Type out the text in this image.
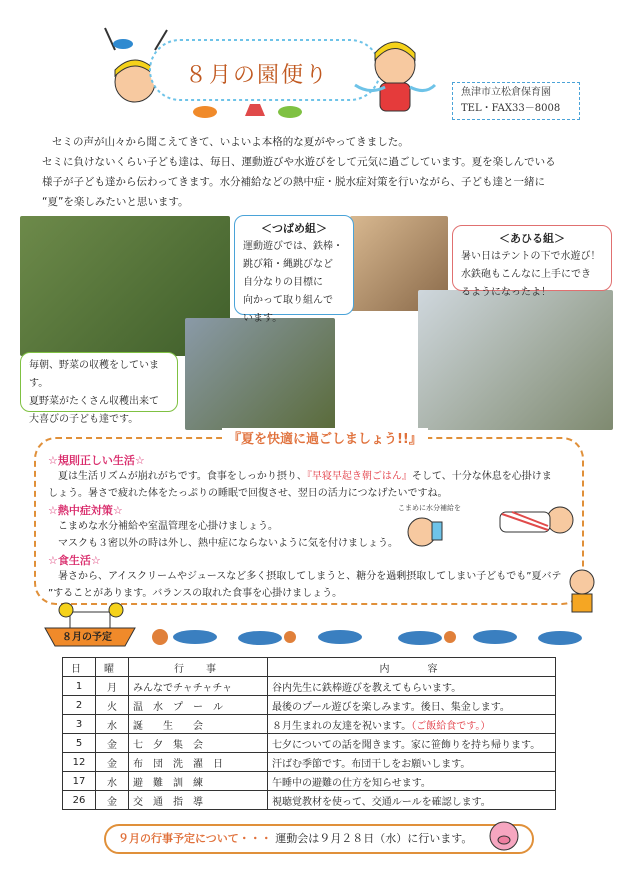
８月の園便り
魚津市立松倉保育園
TEL・FAX33－8008

セミの声が山々から聞こえてきて、いよいよ本格的な夏がやってきました。

セミに負けないくらい子ども達は、毎日、運動遊びや水遊びをして元気に過ごしています。夏を楽しんでいる

様子が子ども達から伝わってきます。水分補給などの熱中症・脱水症対策を行いながら、子ども達と一緒に

“夏”を楽しみたいと思います。

＜つばめ組＞
運動遊びでは、鉄棒・
跳び箱・縄跳びなど
自分なりの目標に
向かって取り組んで
います。
＜あひる組＞
暑い日はテントの下で水遊び！
水鉄砲もこんなに上手にでき
るようになったよ！
毎朝、野菜の収穫をしています。
夏野菜がたくさん収穫出来て
大喜びの子ども達です。
『夏を快適に過ごしましょう!!』
☆規則正しい生活☆
夏は生活リズムが崩れがちです。食事をしっかり摂り、『早寝早起き朝ごはん』そして、十分な休息を心掛けま
しょう。暑さで疲れた体をたっぷりの睡眠で回復させ、翌日の活力につなげたいですね。
☆熱中症対策☆
こまめな水分補給や室温管理を心掛けましょう。
マスクも３密以外の時は外し、熱中症にならないように気を付けましょう。
☆食生活☆
暑さから、アイスクリームやジュースなど多く摂取してしまうと、糖分を過剰摂取してしまい子どもでも”夏バテ
”することがあります。バランスの取れた食事を心掛けましょう。
こまめに水分補給を
８月の予定
日	曜	行　事	内　　容
1	月	みんなでチャチャチャ	谷内先生に鉄棒遊びを教えてもらいます。
2	火	温　水　プ　ー　ル	最後のプール遊びを楽しみます。後日、集金します。
3	水	誕　　生　　会	８月生まれの友達を祝います。（ご飯給食です。）
5	金	七　夕　集　会	七夕についての話を聞きます。家に笹飾りを持ち帰ります。
12	金	布　団　洗　濯　日	汗ばむ季節です。布団干しをお願いします。
17	水	避　難　訓　練	午睡中の避難の仕方を知らせます。
26	金	交　通　指　導	視聴覚教材を使って、交通ルールを確認します。
９月の行事予定について・・・ 運動会は９月２８日（水）に行います。
